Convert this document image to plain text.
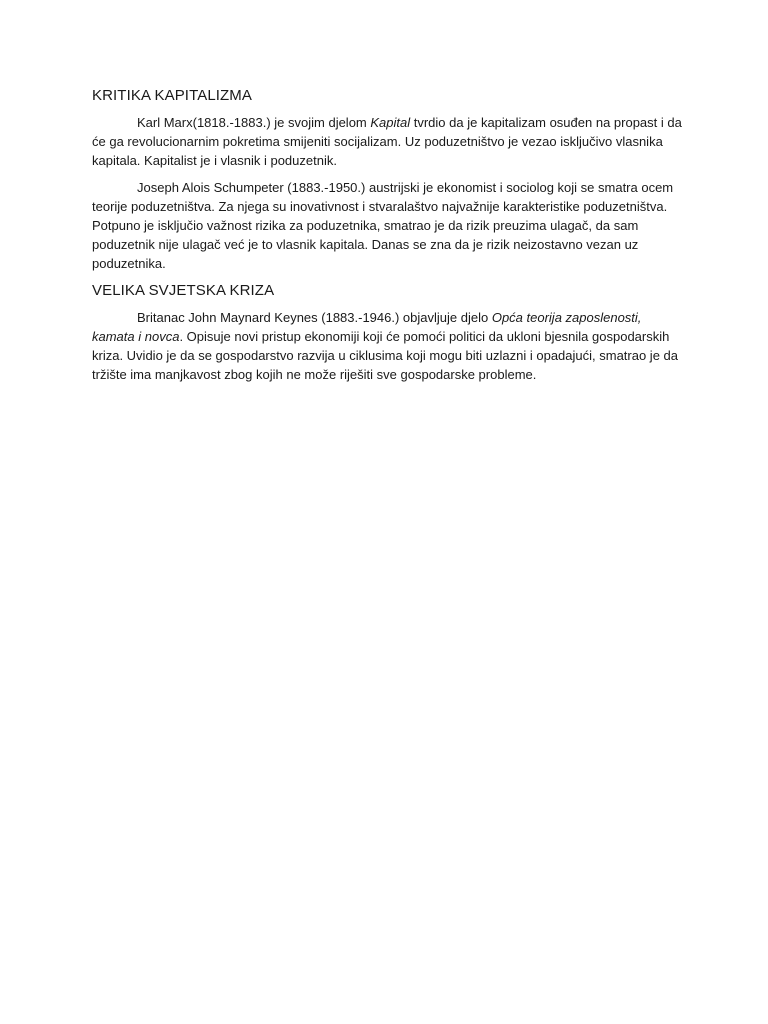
KRITIKA KAPITALIZMA

Karl Marx(1818.-1883.) je svojim djelom Kapital tvrdio da je kapitalizam osuđen na propast i da će ga revolucionarnim pokretima smijeniti socijalizam. Uz poduzetništvo je vezao isključivo vlasnika kapitala. Kapitalist je i vlasnik i poduzetnik.

Joseph Alois Schumpeter (1883.-1950.) austrijski je ekonomist i sociolog koji se smatra ocem teorije poduzetništva. Za njega su inovativnost i stvaralaštvo najvažnije karakteristike poduzetništva. Potpuno je isključio važnost rizika za poduzetnika, smatrao je da rizik preuzima ulagač, da sam poduzetnik nije ulagač već je to vlasnik kapitala. Danas se zna da je rizik neizostavno vezan uz poduzetnika.

VELIKA SVJETSKA KRIZA

Britanac John Maynard Keynes (1883.-1946.) objavljuje djelo Opća teorija zaposlenosti, kamata i novca. Opisuje novi pristup ekonomiji koji će pomoći politici da ukloni bjesnila gospodarskih kriza. Uvidio je da se gospodarstvo razvija u ciklusima koji mogu biti uzlazni i opadajući, smatrao je da tržište ima manjkavost zbog kojih ne može riješiti sve gospodarske probleme.
